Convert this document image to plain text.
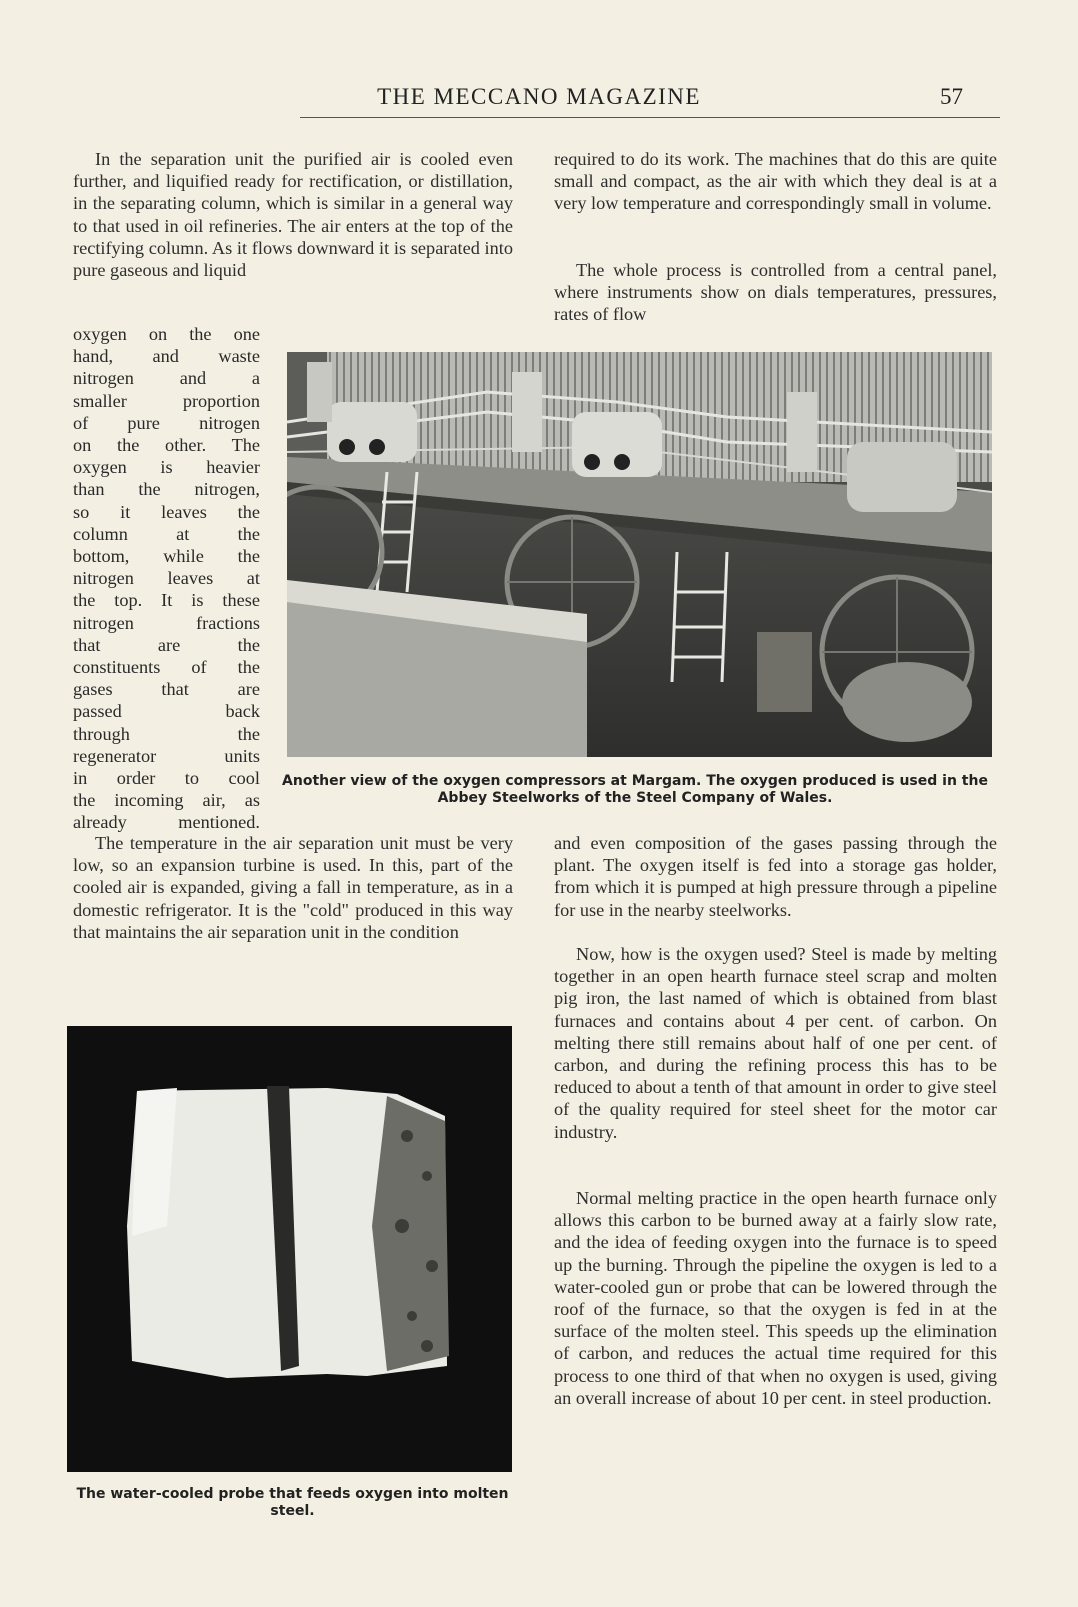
THE MECCANO MAGAZINE	57

In the separation unit the purified air is cooled even further, and liquified ready for rectification, or distillation, in the separating column, which is similar in a general way to that used in oil refineries. The air enters at the top of the rectifying column. As it flows downward it is separated into pure gaseous and liquid

oxygen on the one
hand, and waste
nitrogen and a
smaller proportion
of pure nitrogen
on the other. The
oxygen is heavier
than the nitrogen,
so it leaves the
column at the
bottom, while the
nitrogen leaves at
the top. It is these
nitrogen fractions
that are the
constituents of the
gases that are
passed back
through the
regenerator units
in order to cool
the incoming air, as
already mentioned.

The temperature in the air separation unit must be very low, so an expansion turbine is used. In this, part of the cooled air is expanded, giving a fall in temperature, as in a domestic refrigerator. It is the "cold" produced in this way that maintains the air separation unit in the condition

required to do its work. The machines that do this are quite small and compact, as the air with which they deal is at a very low temperature and correspondingly small in volume.

The whole process is controlled from a central panel, where instruments show on dials temperatures, pressures, rates of flow

Another view of the oxygen compressors at Margam. The oxygen produced is used in the Abbey Steelworks of the Steel Company of Wales.

The water-cooled probe that feeds oxygen into molten steel.

and even composition of the gases passing through the plant. The oxygen itself is fed into a storage gas holder, from which it is pumped at high pressure through a pipeline for use in the nearby steelworks.

Now, how is the oxygen used? Steel is made by melting together in an open hearth furnace steel scrap and molten pig iron, the last named of which is obtained from blast furnaces and contains about 4 per cent. of carbon. On melting there still remains about half of one per cent. of carbon, and during the refining process this has to be reduced to about a tenth of that amount in order to give steel of the quality required for steel sheet for the motor car industry.

Normal melting practice in the open hearth furnace only allows this carbon to be burned away at a fairly slow rate, and the idea of feeding oxygen into the furnace is to speed up the burning. Through the pipeline the oxygen is led to a water-cooled gun or probe that can be lowered through the roof of the furnace, so that the oxygen is fed in at the surface of the molten steel. This speeds up the elimination of carbon, and reduces the actual time required for this process to one third of that when no oxygen is used, giving an overall increase of about 10 per cent. in steel production.
